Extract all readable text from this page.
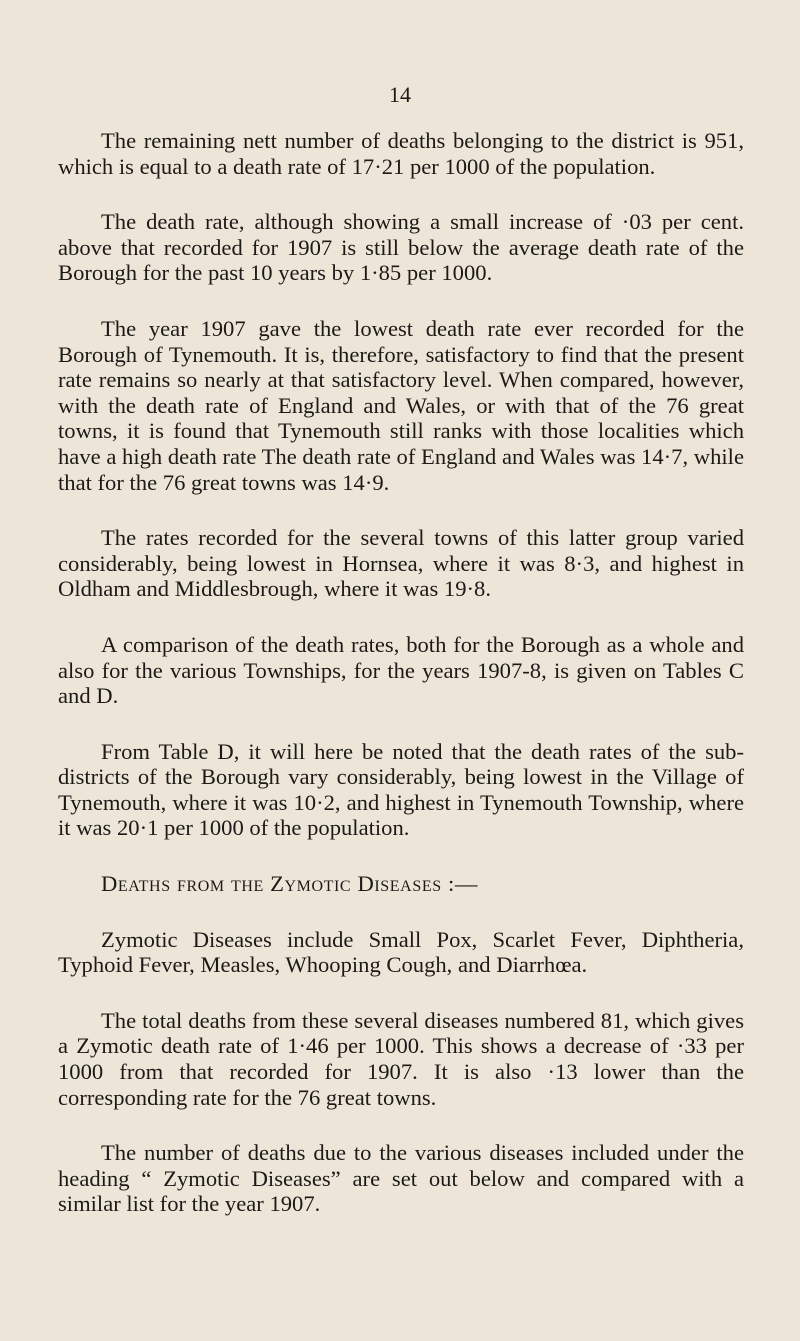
14

The remaining nett number of deaths belonging to the district is 951, which is equal to a death rate of 17·21 per 1000 of the population.

The death rate, although showing a small increase of ·03 per cent. above that recorded for 1907 is still below the average death rate of the Borough for the past 10 years by 1·85 per 1000.

The year 1907 gave the lowest death rate ever recorded for the Borough of Tynemouth. It is, therefore, satisfactory to find that the present rate remains so nearly at that satisfactory level. When compared, however, with the death rate of England and Wales, or with that of the 76 great towns, it is found that Tynemouth still ranks with those localities which have a high death rate The death rate of England and Wales was 14·7, while that for the 76 great towns was 14·9.

The rates recorded for the several towns of this latter group varied considerably, being lowest in Hornsea, where it was 8·3, and highest in Oldham and Middlesbrough, where it was 19·8.

A comparison of the death rates, both for the Borough as a whole and also for the various Townships, for the years 1907-8, is given on Tables C and D.

From Table D, it will here be noted that the death rates of the sub-districts of the Borough vary considerably, being lowest in the Village of Tynemouth, where it was 10·2, and highest in Tynemouth Township, where it was 20·1 per 1000 of the population.

Deaths from the Zymotic Diseases :—

Zymotic Diseases include Small Pox, Scarlet Fever, Diphtheria, Typhoid Fever, Measles, Whooping Cough, and Diarrhœa.

The total deaths from these several diseases numbered 81, which gives a Zymotic death rate of 1·46 per 1000. This shows a decrease of ·33 per 1000 from that recorded for 1907. It is also ·13 lower than the corresponding rate for the 76 great towns.

The number of deaths due to the various diseases included under the heading “ Zymotic Diseases” are set out below and compared with a similar list for the year 1907.
